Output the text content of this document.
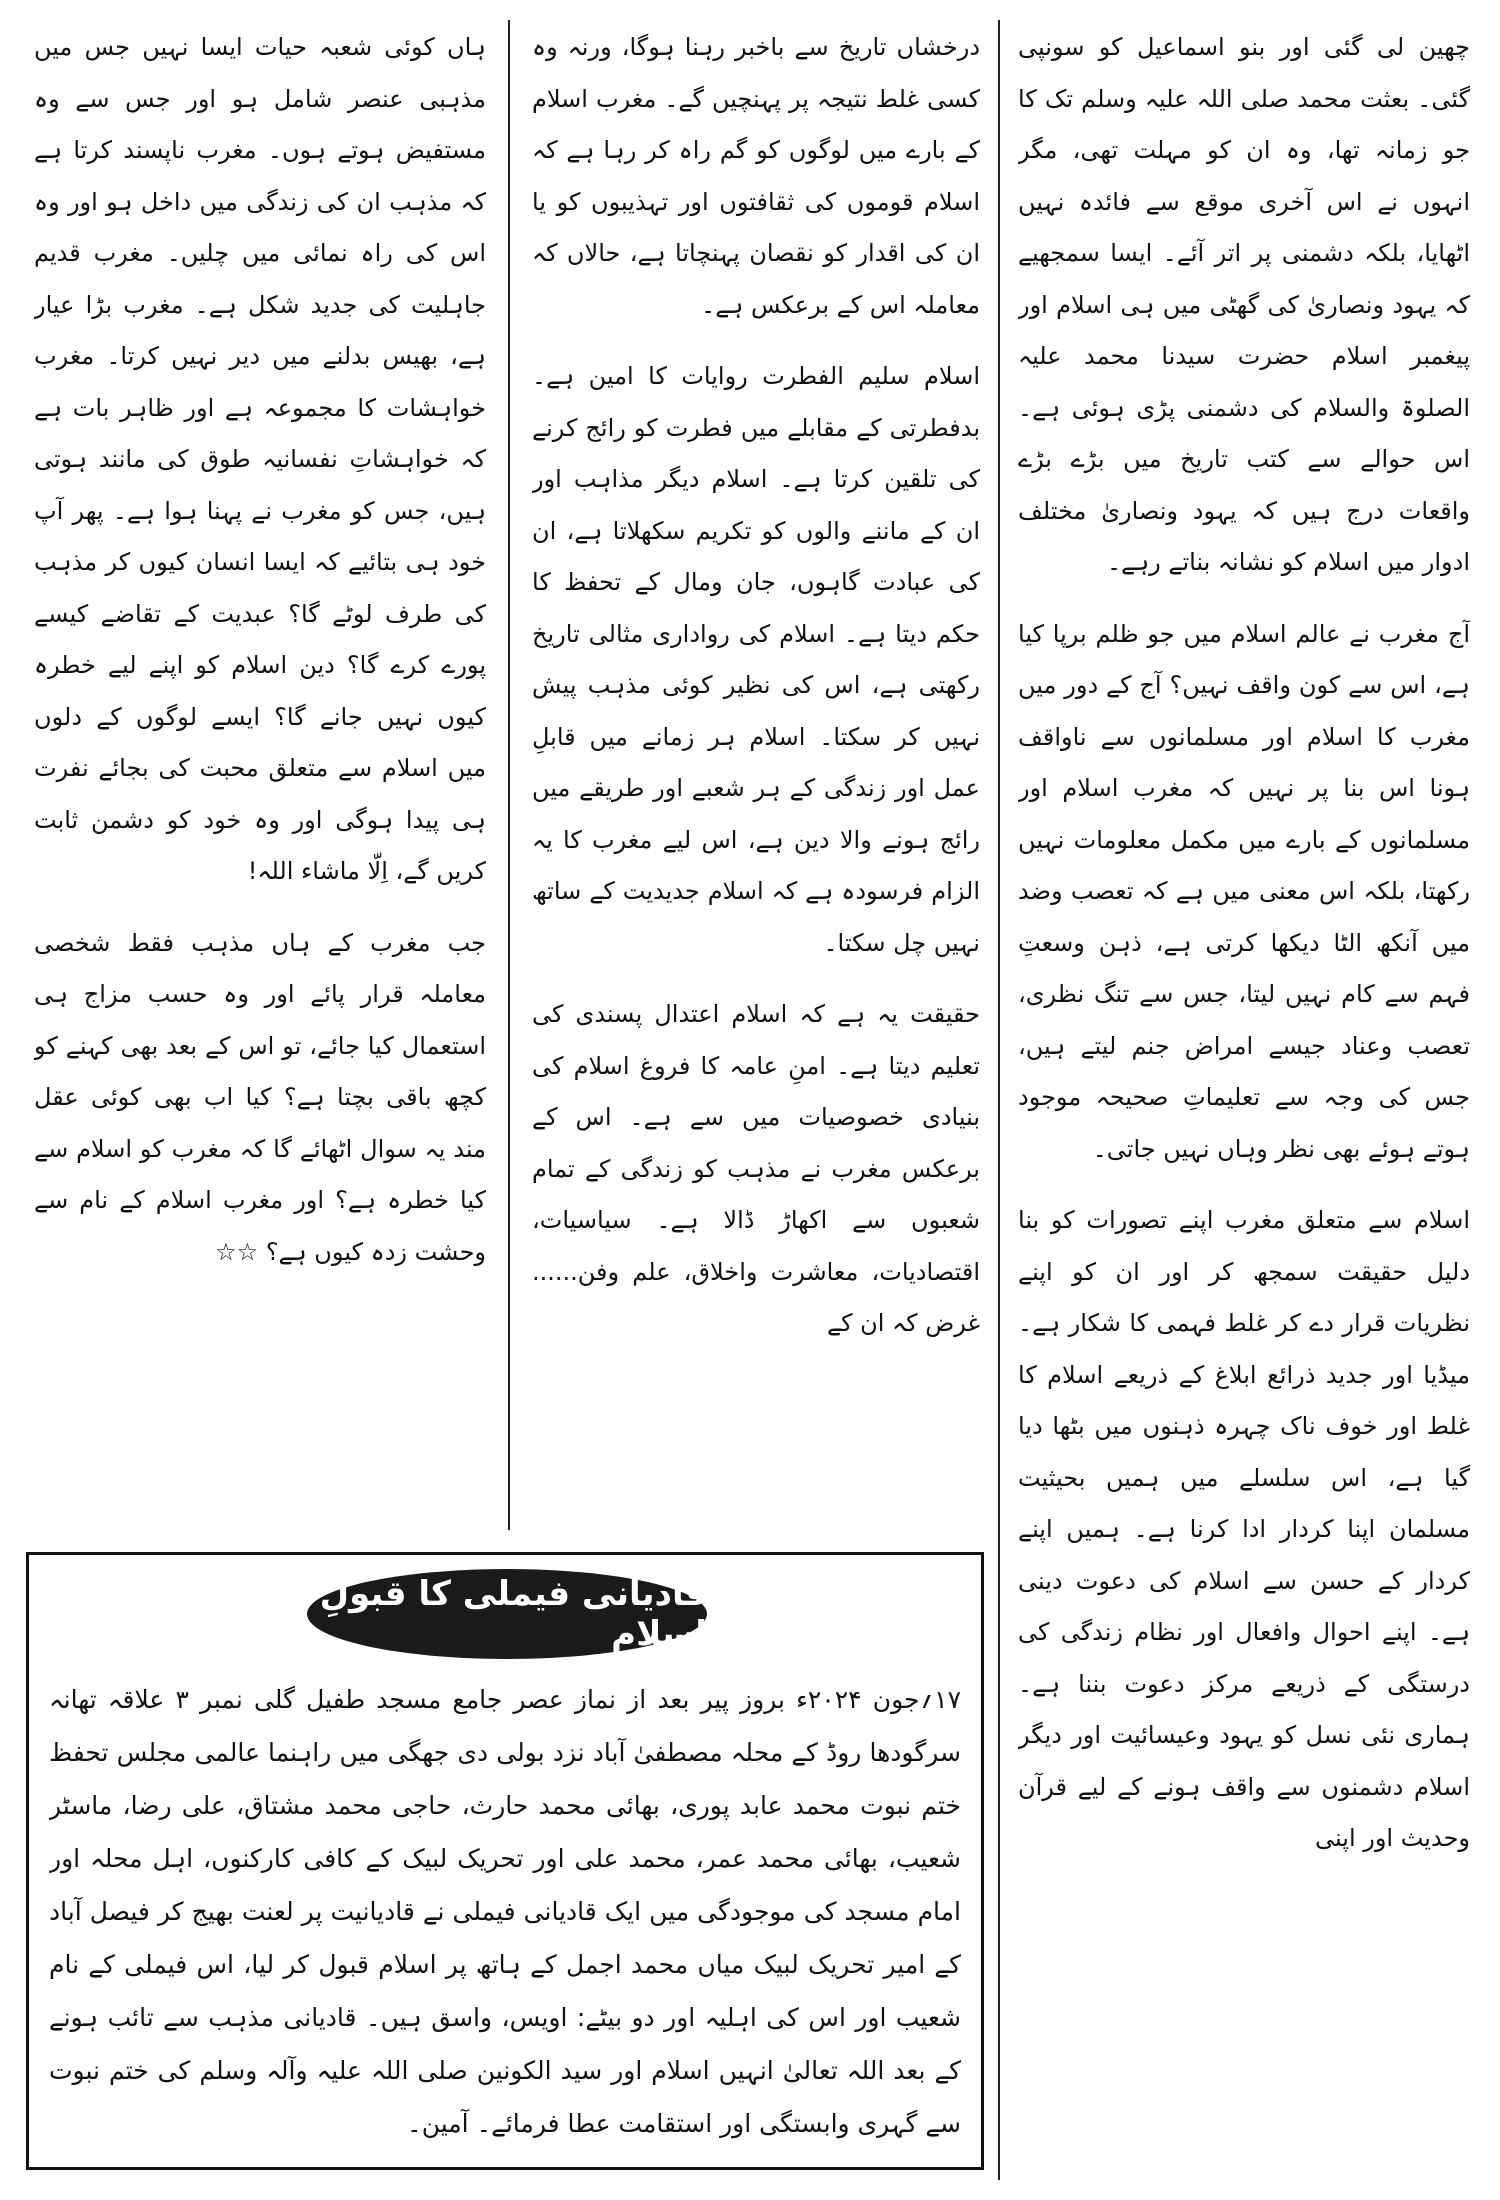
چھین لی گئی اور بنو اسماعیل کو سونپی گئی۔ بعثت محمد صلی اللہ علیہ وسلم تک کا جو زمانہ تھا، وہ ان کو مہلت تھی، مگر انہوں نے اس آخری موقع سے فائدہ نہیں اٹھایا، بلکہ دشمنی پر اتر آئے۔ ایسا سمجھیے کہ یہود ونصاریٰ کی گھٹی میں ہی اسلام اور پیغمبر اسلام حضرت سیدنا محمد علیہ الصلوۃ والسلام کی دشمنی پڑی ہوئی ہے۔ اس حوالے سے کتب تاریخ میں بڑے بڑے واقعات درج ہیں کہ یہود ونصاریٰ مختلف ادوار میں اسلام کو نشانہ بناتے رہے۔

آج مغرب نے عالم اسلام میں جو ظلم برپا کیا ہے، اس سے کون واقف نہیں؟ آج کے دور میں مغرب کا اسلام اور مسلمانوں سے ناواقف ہونا اس بنا پر نہیں کہ مغرب اسلام اور مسلمانوں کے بارے میں مکمل معلومات نہیں رکھتا، بلکہ اس معنی میں ہے کہ تعصب وضد میں آنکھ الٹا دیکھا کرتی ہے، ذہن وسعتِ فہم سے کام نہیں لیتا، جس سے تنگ نظری، تعصب وعناد جیسے امراض جنم لیتے ہیں، جس کی وجہ سے تعلیماتِ صحیحہ موجود ہوتے ہوئے بھی نظر وہاں نہیں جاتی۔

اسلام سے متعلق مغرب اپنے تصورات کو بنا دلیل حقیقت سمجھ کر اور ان کو اپنے نظریات قرار دے کر غلط فہمی کا شکار ہے۔ میڈیا اور جدید ذرائع ابلاغ کے ذریعے اسلام کا غلط اور خوف ناک چہرہ ذہنوں میں بٹھا دیا گیا ہے، اس سلسلے میں ہمیں بحیثیت مسلمان اپنا کردار ادا کرنا ہے۔ ہمیں اپنے کردار کے حسن سے اسلام کی دعوت دینی ہے۔ اپنے احوال وافعال اور نظام زندگی کی درستگی کے ذریعے مرکز دعوت بننا ہے۔ ہماری نئی نسل کو یہود وعیسائیت اور دیگر اسلام دشمنوں سے واقف ہونے کے لیے قرآن وحدیث اور اپنی

درخشاں تاریخ سے باخبر رہنا ہوگا، ورنہ وہ کسی غلط نتیجہ پر پہنچیں گے۔ مغرب اسلام کے بارے میں لوگوں کو گم راہ کر رہا ہے کہ اسلام قوموں کی ثقافتوں اور تہذیبوں کو یا ان کی اقدار کو نقصان پہنچاتا ہے، حالاں کہ معاملہ اس کے برعکس ہے۔

اسلام سلیم الفطرت روایات کا امین ہے۔ بدفطرتی کے مقابلے میں فطرت کو رائج کرنے کی تلقین کرتا ہے۔ اسلام دیگر مذاہب اور ان کے ماننے والوں کو تکریم سکھلاتا ہے، ان کی عبادت گاہوں، جان ومال کے تحفظ کا حکم دیتا ہے۔ اسلام کی رواداری مثالی تاریخ رکھتی ہے، اس کی نظیر کوئی مذہب پیش نہیں کر سکتا۔ اسلام ہر زمانے میں قابلِ عمل اور زندگی کے ہر شعبے اور طریقے میں رائج ہونے والا دین ہے، اس لیے مغرب کا یہ الزام فرسودہ ہے کہ اسلام جدیدیت کے ساتھ نہیں چل سکتا۔

حقیقت یہ ہے کہ اسلام اعتدال پسندی کی تعلیم دیتا ہے۔ امنِ عامہ کا فروغ اسلام کی بنیادی خصوصیات میں سے ہے۔ اس کے برعکس مغرب نے مذہب کو زندگی کے تمام شعبوں سے اکھاڑ ڈالا ہے۔ سیاسیات، اقتصادیات، معاشرت واخلاق، علم وفن...... غرض کہ ان کے

ہاں کوئی شعبہ حیات ایسا نہیں جس میں مذہبی عنصر شامل ہو اور جس سے وہ مستفیض ہوتے ہوں۔ مغرب ناپسند کرتا ہے کہ مذہب ان کی زندگی میں داخل ہو اور وہ اس کی راہ نمائی میں چلیں۔ مغرب قدیم جاہلیت کی جدید شکل ہے۔ مغرب بڑا عیار ہے، بھیس بدلنے میں دیر نہیں کرتا۔ مغرب خواہشات کا مجموعہ ہے اور ظاہر بات ہے کہ خواہشاتِ نفسانیہ طوق کی مانند ہوتی ہیں، جس کو مغرب نے پہنا ہوا ہے۔ پھر آپ خود ہی بتائیے کہ ایسا انسان کیوں کر مذہب کی طرف لوٹے گا؟ عبدیت کے تقاضے کیسے پورے کرے گا؟ دین اسلام کو اپنے لیے خطرہ کیوں نہیں جانے گا؟ ایسے لوگوں کے دلوں میں اسلام سے متعلق محبت کی بجائے نفرت ہی پیدا ہوگی اور وہ خود کو دشمن ثابت کریں گے، اِلّا ماشاء اللہ!

جب مغرب کے ہاں مذہب فقط شخصی معاملہ قرار پائے اور وہ حسب مزاج ہی استعمال کیا جائے، تو اس کے بعد بھی کہنے کو کچھ باقی بچتا ہے؟ کیا اب بھی کوئی عقل مند یہ سوال اٹھائے گا کہ مغرب کو اسلام سے کیا خطرہ ہے؟ اور مغرب اسلام کے نام سے وحشت زدہ کیوں ہے؟ ☆☆

قادیانی فیملی کا قبولِ اسلام

۱۷؍جون ۲۰۲۴ء بروز پیر بعد از نماز عصر جامع مسجد طفیل گلی نمبر ۳ علاقہ تھانہ سرگودھا روڈ کے محلہ مصطفیٰ آباد نزد بولی دی جھگی میں راہنما عالمی مجلس تحفظ ختم نبوت محمد عابد پوری، بھائی محمد حارث، حاجی محمد مشتاق، علی رضا، ماسٹر شعیب، بھائی محمد عمر، محمد علی اور تحریک لبیک کے کافی کارکنوں، اہل محلہ اور امام مسجد کی موجودگی میں ایک قادیانی فیملی نے قادیانیت پر لعنت بھیج کر فیصل آباد کے امیر تحریک لبیک میاں محمد اجمل کے ہاتھ پر اسلام قبول کر لیا، اس فیملی کے نام شعیب اور اس کی اہلیہ اور دو بیٹے: اویس، واسق ہیں۔ قادیانی مذہب سے تائب ہونے کے بعد اللہ تعالیٰ انہیں اسلام اور سید الکونین صلی اللہ علیہ وآلہ وسلم کی ختم نبوت سے گہری وابستگی اور استقامت عطا فرمائے۔ آمین۔
